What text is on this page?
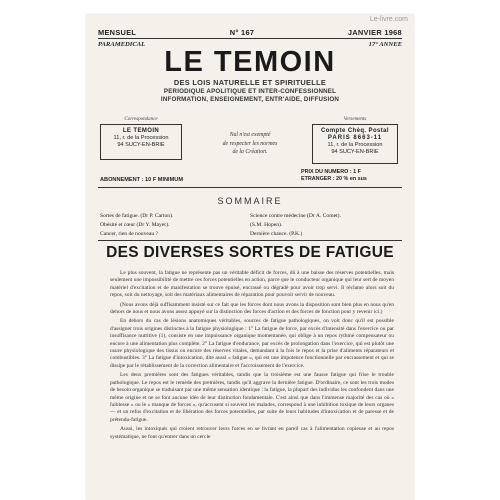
Le-livre.com
MENSUEL	N° 167	JANVIER 1968
PARAMEDICAL	17° ANNEE
LE TEMOIN
DES LOIS NATURELLE ET SPIRITUELLE
PERIODIQUE APOLITIQUE ET INTER-CONFESSIONNEL
INFORMATION, ENSEIGNEMENT, ENTR'AIDE, DIFFUSION
Correspondance
LE TEMOIN
11, r. de la Procession
94 SUCY-EN-BRIE
Nul n'est exempté
de respecter les normes
de la Création.
Versements
Compte Chèq. Postal
PARIS 8663-11
11, r. de la Procession
94 SUCY-EN-BRIE
ABONNEMENT : 10 F MINIMUM
PRIX DU NUMERO : 1 F
ETRANGER : 20 % en sus
SOMMAIRE
Sortes de fatigue. (Dr P. Carton).
Obésité et cœur (Dr Y. Mayer).
Cancer, rien de nouveau ?
Science contre médecine (Dr A. Comet).
(S.M. Hopen).
Dernière chance. (P.K.)
DES DIVERSES SORTES DE FATIGUE

Le plus souvent, la fatigue ne représente pas un véritable déficit de forces, dû à une baisse des réserves potentielles, mais seulement une impossibilité de mettre ces forces potentielles en action, parce que le conducteur organique qui leur sert de moyen matériel d'excitation et de manifestation se trouve épuisé, encrassé ou dégradé pour avoir trop servi. Il réclame alors soit du repos, soit du nettoyage, soit des matériaux alimentaires de réparation pour pouvoir servir de nouveau.

(Nous avons déjà suffisamment insisté sur ce fait que les forces dont nous avons la disposition sont bien plus en nous qu'en dehors de nous et nous avons assez appuyé sur la distinction des forces d'action et des forces de fonction pour y revenir ici.)

En dehors du cas de lésions anatomiques véritables, sources de fatigue pathologiques, on voit donc qu'il est possible d'assigner trois origines distinctes à la fatigue physiologique : 1° La fatigue de force, par excès d'intensité dans l'exercice ou par insuffisance nutritive (1), consiste en une impuissance organique momentanée, qui oblige à un repos rythmé compensateur ou encore à une alimentation plus complète. 2° La fatigue d'endurance, par excès de prolongation dans l'exercice, qui est plutôt une usure physiologique des tissus ou encore des réserves vitales, demandant à la fois le repos et la prise d'aliments réparateurs et combustibles. 3° La fatigue d'intoxication, dite aussi « fatigue », qui est une impotence fonctionnelle par encrassement et qui se dissipe par le rétablissement de la correction alimentaire et l'accroissement de l'exercice.

Les deux premières sont des fatigues véritables, tandis que la troisième est une fausse fatigue qui frise le trouble pathologique. Le repos est le remède des premières, tandis qu'il aggrave la dernière fatigue. D'ordinaire, ce sont les trois modes de besoin organique se traduisant par une même sensation identique : la fatigue, la plupart des individus les confondent dans une même origine et ne se font aucune idée de leur distinction fondamentale. C'est ainsi que dans l'immense majorité des cas où « faiblesse » ou le « manque de forces », qu'accusent si souvent les malades, correspond à une inhibition toxique de leurs organes — et un refus d'excitation et de libération des forces potentielles, par suite de leurs habitudes d'intoxication et de paresse et de prétendu-fatigue.

Aussi, les intoxiqués qui croient retrouver leurs forces en se livrant en pareil cas à l'alimentation copieuse et au repos systématique, ne font qu'entrer dans un cercle
